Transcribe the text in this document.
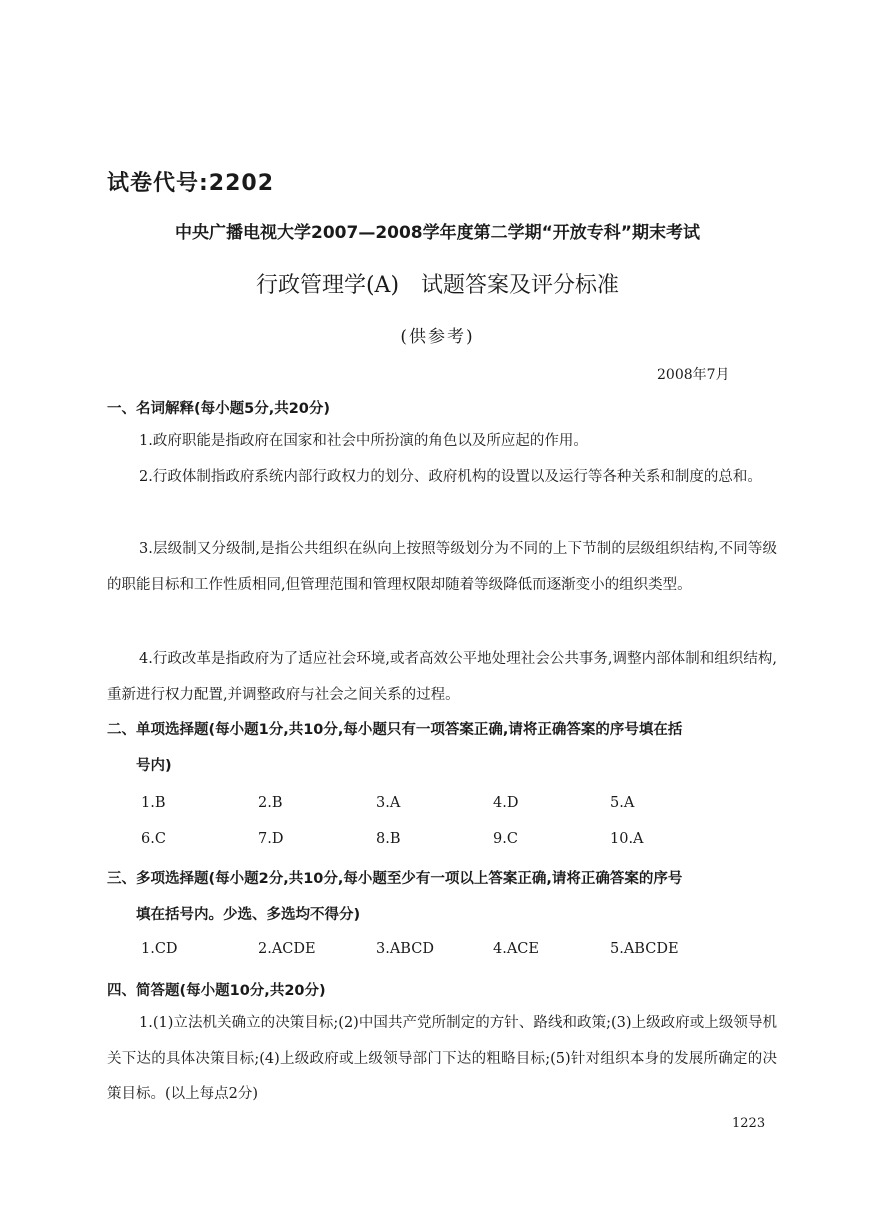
试卷代号:2202
中央广播电视大学2007—2008学年度第二学期“开放专科”期末考试
行政管理学(A)　试题答案及评分标准
(供参考)
2008年7月
一、名词解释(每小题5分,共20分)
1.政府职能是指政府在国家和社会中所扮演的角色以及所应起的作用。
2.行政体制指政府系统内部行政权力的划分、政府机构的设置以及运行等各种关系和制度的总和。
3.层级制又分级制,是指公共组织在纵向上按照等级划分为不同的上下节制的层级组织结构,不同等级的职能目标和工作性质相同,但管理范围和管理权限却随着等级降低而逐渐变小的组织类型。
4.行政改革是指政府为了适应社会环境,或者高效公平地处理社会公共事务,调整内部体制和组织结构,重新进行权力配置,并调整政府与社会之间关系的过程。
二、单项选择题(每小题1分,共10分,每小题只有一项答案正确,请将正确答案的序号填在括
号内)
1.B	2.B	3.A	4.D	5.A
6.C	7.D	8.B	9.C	10.A
三、多项选择题(每小题2分,共10分,每小题至少有一项以上答案正确,请将正确答案的序号
填在括号内。少选、多选均不得分)
1.CD	2.ACDE	3.ABCD	4.ACE	5.ABCDE
四、简答题(每小题10分,共20分)
1.(1)立法机关确立的决策目标;(2)中国共产党所制定的方针、路线和政策;(3)上级政府或上级领导机关下达的具体决策目标;(4)上级政府或上级领导部门下达的粗略目标;(5)针对组织本身的发展所确定的决策目标。(以上每点2分)
1223
